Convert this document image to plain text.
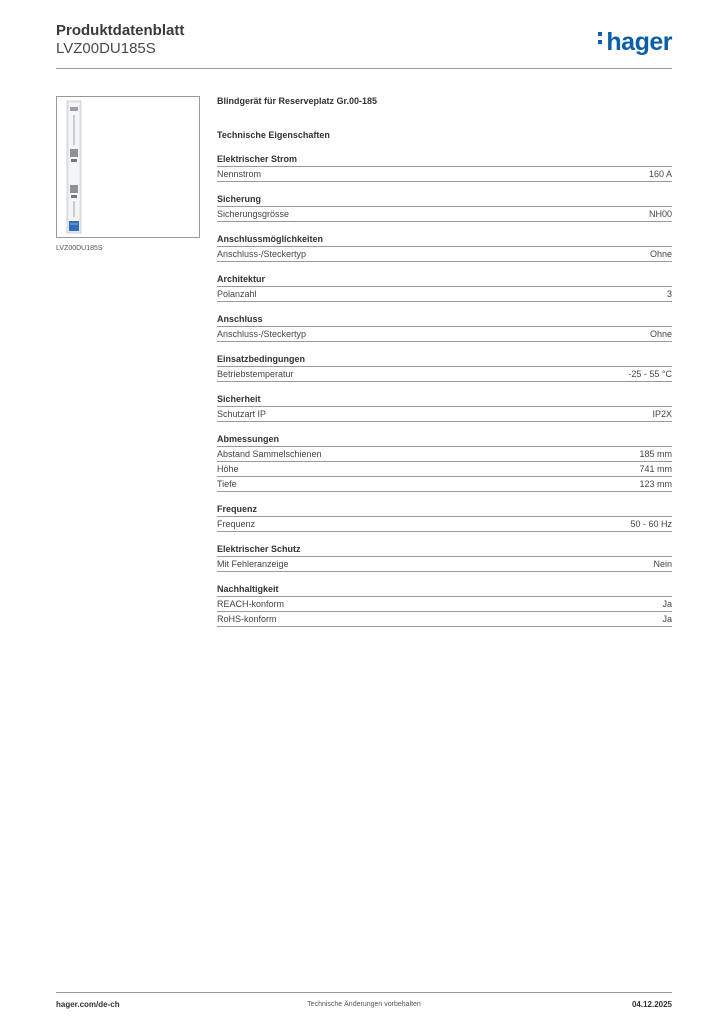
Produktdatenblatt
LVZ00DU185S	hager
LVZ00DU185S
Blindgerät für Reserveplatz Gr.00-185
Technische Eigenschaften
Elektrischer Strom
Nennstrom	160 A
Sicherung
Sicherungsgrösse	NH00
Anschlussmöglichkeiten
Anschluss-/Steckertyp	Ohne
Architektur
Polanzahl	3
Anschluss
Anschluss-/Steckertyp	Ohne
Einsatzbedingungen
Betriebstemperatur	-25 - 55 °C
Sicherheit
Schutzart IP	IP2X
Abmessungen
Abstand Sammelschienen	185 mm
Höhe	741 mm
Tiefe	123 mm
Frequenz
Frequenz	50 - 60 Hz
Elektrischer Schutz
Mit Fehleranzeige	Nein
Nachhaltigkeit
REACH-konform	Ja
RoHS-konform	Ja
hager.com/de-ch	Technische Änderungen vorbehalten	04.12.2025
